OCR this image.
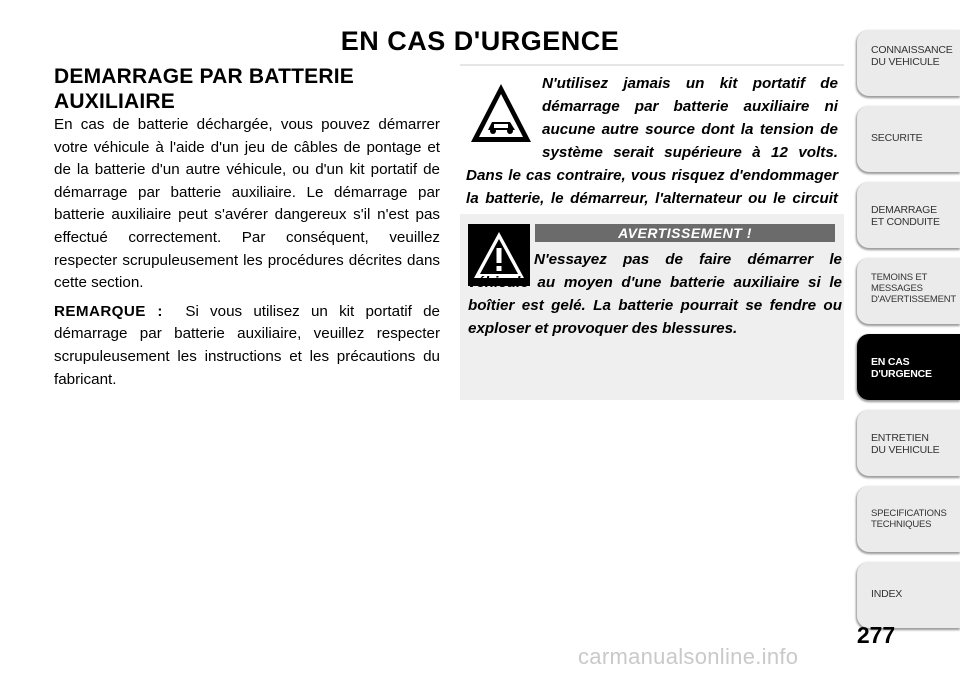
EN CAS D'URGENCE
DEMARRAGE PAR BATTERIE
AUXILIAIRE

En cas de batterie déchargée, vous pouvez démarrer votre véhicule à l'aide d'un jeu de câbles de pontage et de la batterie d'un autre véhicule, ou d'un kit portatif de démarrage par batterie auxiliaire. Le démarrage par batterie auxiliaire peut s'avérer dangereux s'il n'est pas effectué correctement. Par conséquent, veuillez respecter scrupuleusement les procédures décrites dans cette section.

REMARQUE : Si vous utilisez un kit portatif de démarrage par batterie auxiliaire, veuillez respecter scrupuleusement les instructions et les précautions du fabricant.

N'utilisez jamais un kit portatif de démarrage par batterie auxiliaire ni aucune autre source dont la tension de système serait supérieure à 12 volts. Dans le cas contraire, vous risquez d'endommager la batterie, le démarreur, l'alternateur ou le circuit

AVERTISSEMENT !

N'essayez pas de faire démarrer le véhicule au moyen d'une batterie auxiliaire si le boîtier est gelé. La batterie pourrait se fendre ou exploser et provoquer des blessures.

CONNAISSANCE
DU VEHICULE
SECURITE
DEMARRAGE
ET CONDUITE
TEMOINS ET
MESSAGES
D'AVERTISSEMENT
EN CAS
D'URGENCE
ENTRETIEN
DU VEHICULE
SPECIFICATIONS
TECHNIQUES
INDEX
277
carmanualsonline.info
